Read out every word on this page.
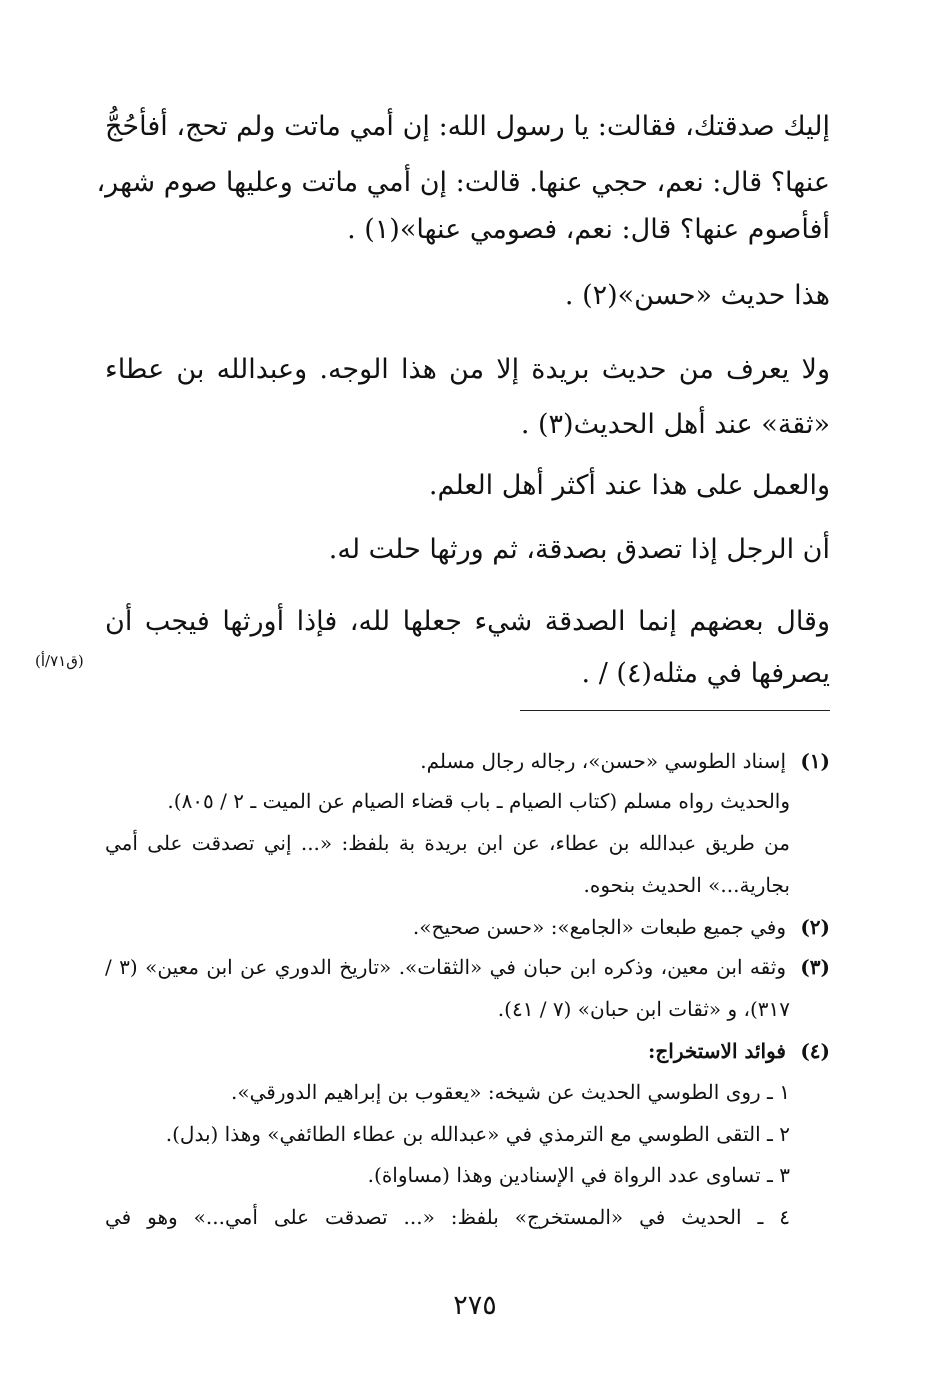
إليك صدقتك، فقالت: يا رسول الله: إن أمي ماتت ولم تحج، أفأحُجُّ
عنها؟ قال: نعم، حجي عنها. قالت: إن أمي ماتت وعليها صوم شهر،
أفأصوم عنها؟ قال: نعم، فصومي عنها»(١) .
هذا حديث «حسن»(٢) .
ولا يعرف من حديث بريدة إلا من هذا الوجه. وعبدالله بن عطاء
«ثقة» عند أهل الحديث(٣) .
والعمل على هذا عند أكثر أهل العلم.
أن الرجل إذا تصدق بصدقة، ثم ورثها حلت له.
وقال بعضهم إنما الصدقة شيء جعلها لله، فإذا أورثها فيجب أن
يصرفها في مثله(٤) / .
(ق٧١/أ)
(١)إسناد الطوسي «حسن»، رجاله رجال مسلم.
والحديث رواه مسلم (كتاب الصيام ـ باب قضاء الصيام عن الميت ـ ٢ / ٨٠٥).
من طريق عبدالله بن عطاء، عن ابن بريدة بة بلفظ: «... إني تصدقت على أمي
بجارية...» الحديث بنحوه.
(٢)وفي جميع طبعات «الجامع»: «حسن صحيح».
(٣)وثقه ابن معين، وذكره ابن حبان في «الثقات». «تاريخ الدوري عن ابن معين» (٣ /
٣١٧)، و «ثقات ابن حبان» (٧ / ٤١).
(٤)فوائد الاستخراج:
١ ـ روى الطوسي الحديث عن شيخه: «يعقوب بن إبراهيم الدورقي».
٢ ـ التقى الطوسي مع الترمذي في «عبدالله بن عطاء الطائفي» وهذا (بدل).
٣ ـ تساوى عدد الرواة في الإسنادين وهذا (مساواة).
٤ ـ الحديث في «المستخرج» بلفظ: «... تصدقت على أمي...» وهو في
٢٧٥
